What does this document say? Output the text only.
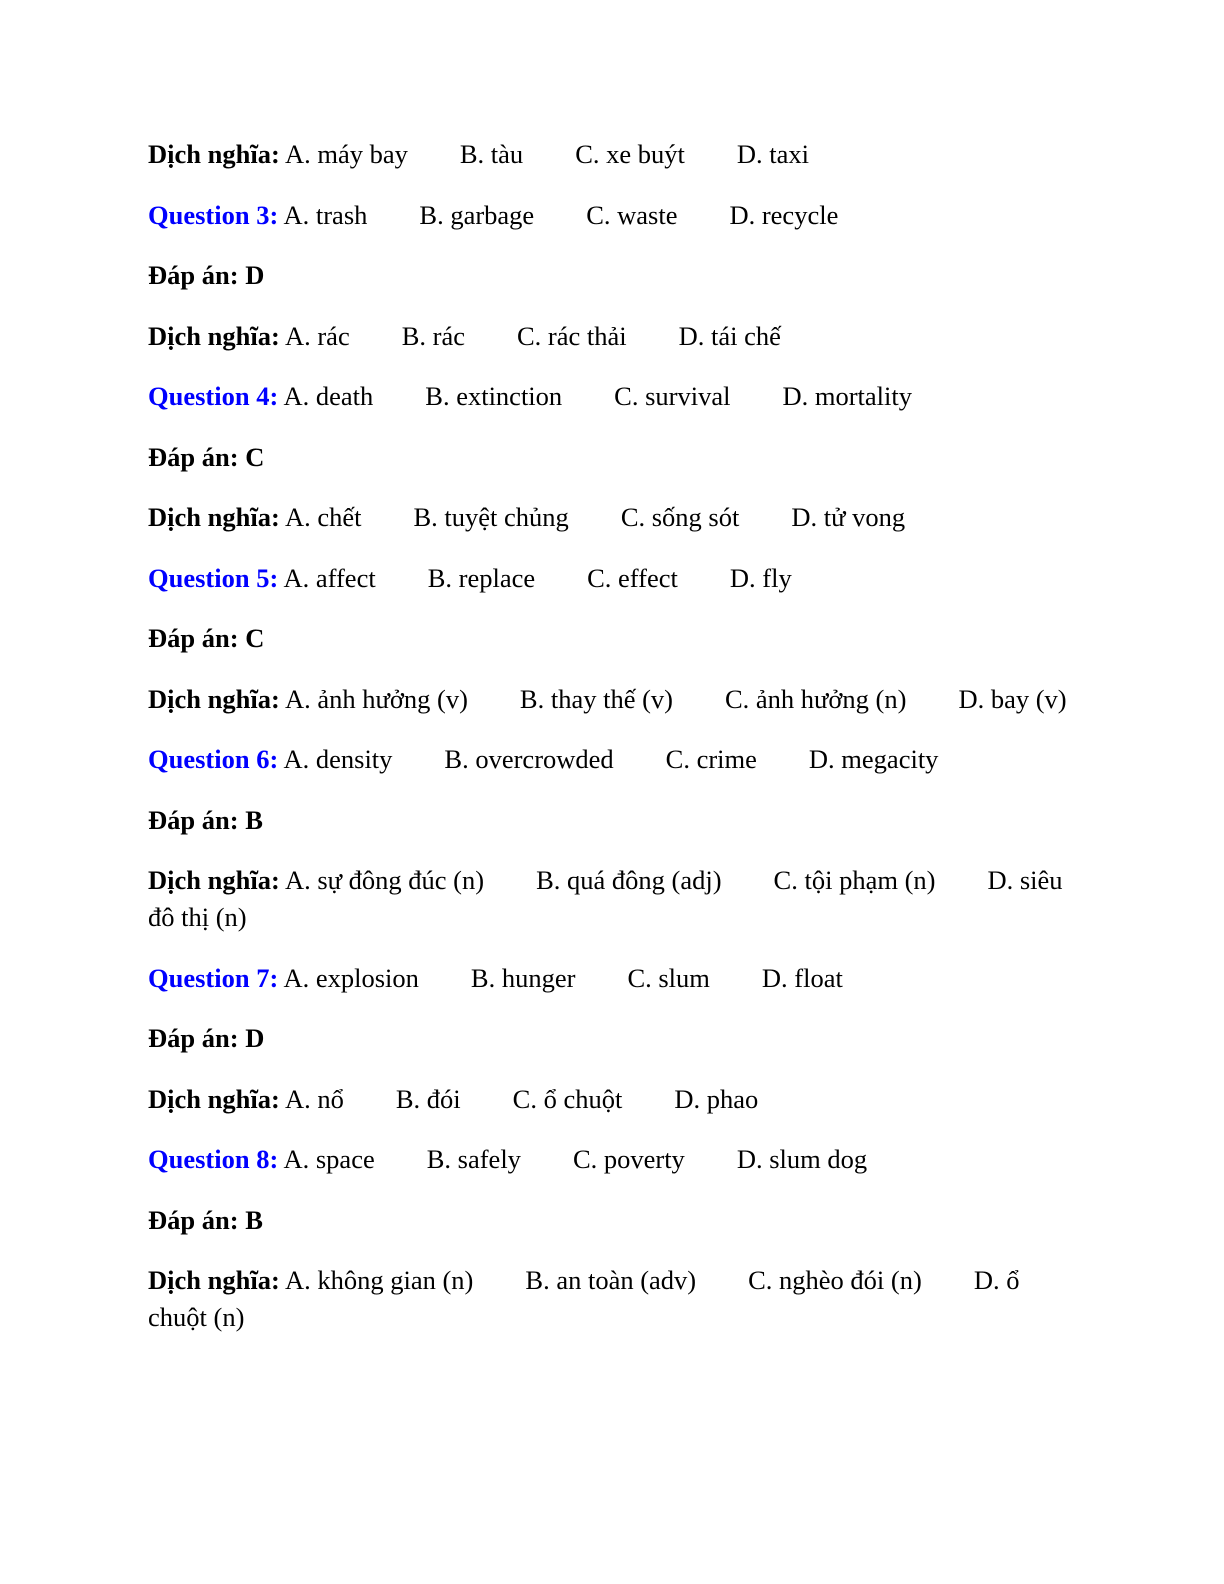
Dịch nghĩa: A. máy bay B. tàu C. xe buýt D. taxi

Question 3: A. trash B. garbage C. waste D. recycle

Đáp án: D

Dịch nghĩa: A. rác B. rác C. rác thải D. tái chế

Question 4: A. death B. extinction C. survival D. mortality

Đáp án: C

Dịch nghĩa: A. chết B. tuyệt chủng C. sống sót D. tử vong

Question 5: A. affect B. replace C. effect D. fly

Đáp án: C

Dịch nghĩa: A. ảnh hưởng (v) B. thay thế (v) C. ảnh hưởng (n) D. bay (v)

Question 6: A. density B. overcrowded C. crime D. megacity

Đáp án: B

Dịch nghĩa: A. sự đông đúc (n) B. quá đông (adj) C. tội phạm (n) D. siêu đô thị (n)

Question 7: A. explosion B. hunger C. slum D. float

Đáp án: D

Dịch nghĩa: A. nổ B. đói C. ổ chuột D. phao

Question 8: A. space B. safely C. poverty D. slum dog

Đáp án: B

Dịch nghĩa: A. không gian (n) B. an toàn (adv) C. nghèo đói (n) D. ổ chuột (n)
